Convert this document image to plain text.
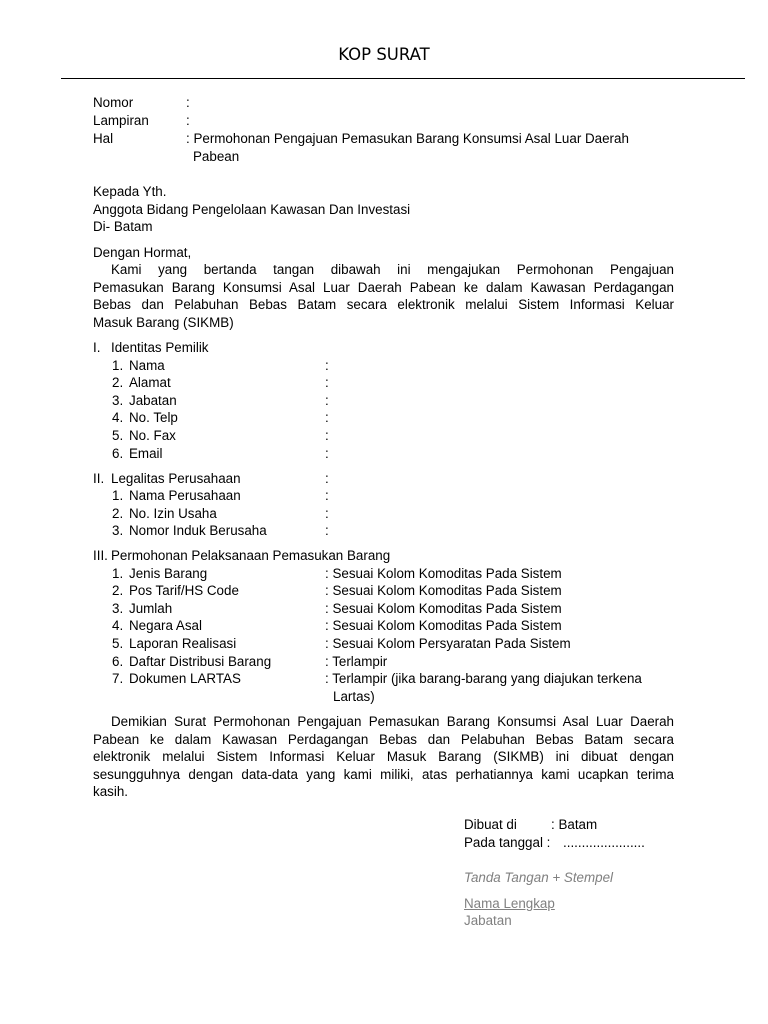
KOP SURAT
Nomor	:
Lampiran	:
Hal	: Permohonan Pengajuan Pemasukan Barang Konsumsi Asal Luar Daerah
Pabean
Kepada Yth.
Anggota Bidang Pengelolaan Kawasan Dan Investasi
Di- Batam
Dengan Hormat,
Kami yang bertanda tangan dibawah ini mengajukan Permohonan Pengajuan
Pemasukan Barang Konsumsi Asal Luar Daerah Pabean ke dalam Kawasan Perdagangan
Bebas dan Pelabuhan Bebas Batam secara elektronik melalui Sistem Informasi Keluar
Masuk Barang (SIKMB)
I. Identitas Pemilik
1. Nama	:
2. Alamat	:
3. Jabatan	:
4. No. Telp	:
5. No. Fax	:
6. Email	:
II. Legalitas Perusahaan	:
1. Nama Perusahaan	:
2. No. Izin Usaha	:
3. Nomor Induk Berusaha	:
III. Permohonan Pelaksanaan Pemasukan Barang
1. Jenis Barang	: Sesuai Kolom Komoditas Pada Sistem
2. Pos Tarif/HS Code	: Sesuai Kolom Komoditas Pada Sistem
3. Jumlah	: Sesuai Kolom Komoditas Pada Sistem
4. Negara Asal	: Sesuai Kolom Komoditas Pada Sistem
5. Laporan Realisasi	: Sesuai Kolom Persyaratan Pada Sistem
6. Daftar Distribusi Barang	: Terlampir
7. Dokumen LARTAS	: Terlampir (jika barang-barang yang diajukan terkena
Lartas)
Demikian Surat Permohonan Pengajuan Pemasukan Barang Konsumsi Asal Luar Daerah
Pabean ke dalam Kawasan Perdagangan Bebas dan Pelabuhan Bebas Batam secara
elektronik melalui Sistem Informasi Keluar Masuk Barang (SIKMB) ini dibuat dengan
sesungguhnya dengan data-data yang kami miliki, atas perhatiannya kami ucapkan terima
kasih.
Dibuat di	: Batam
Pada tanggal : ......................
Tanda Tangan + Stempel
Nama Lengkap
Jabatan
